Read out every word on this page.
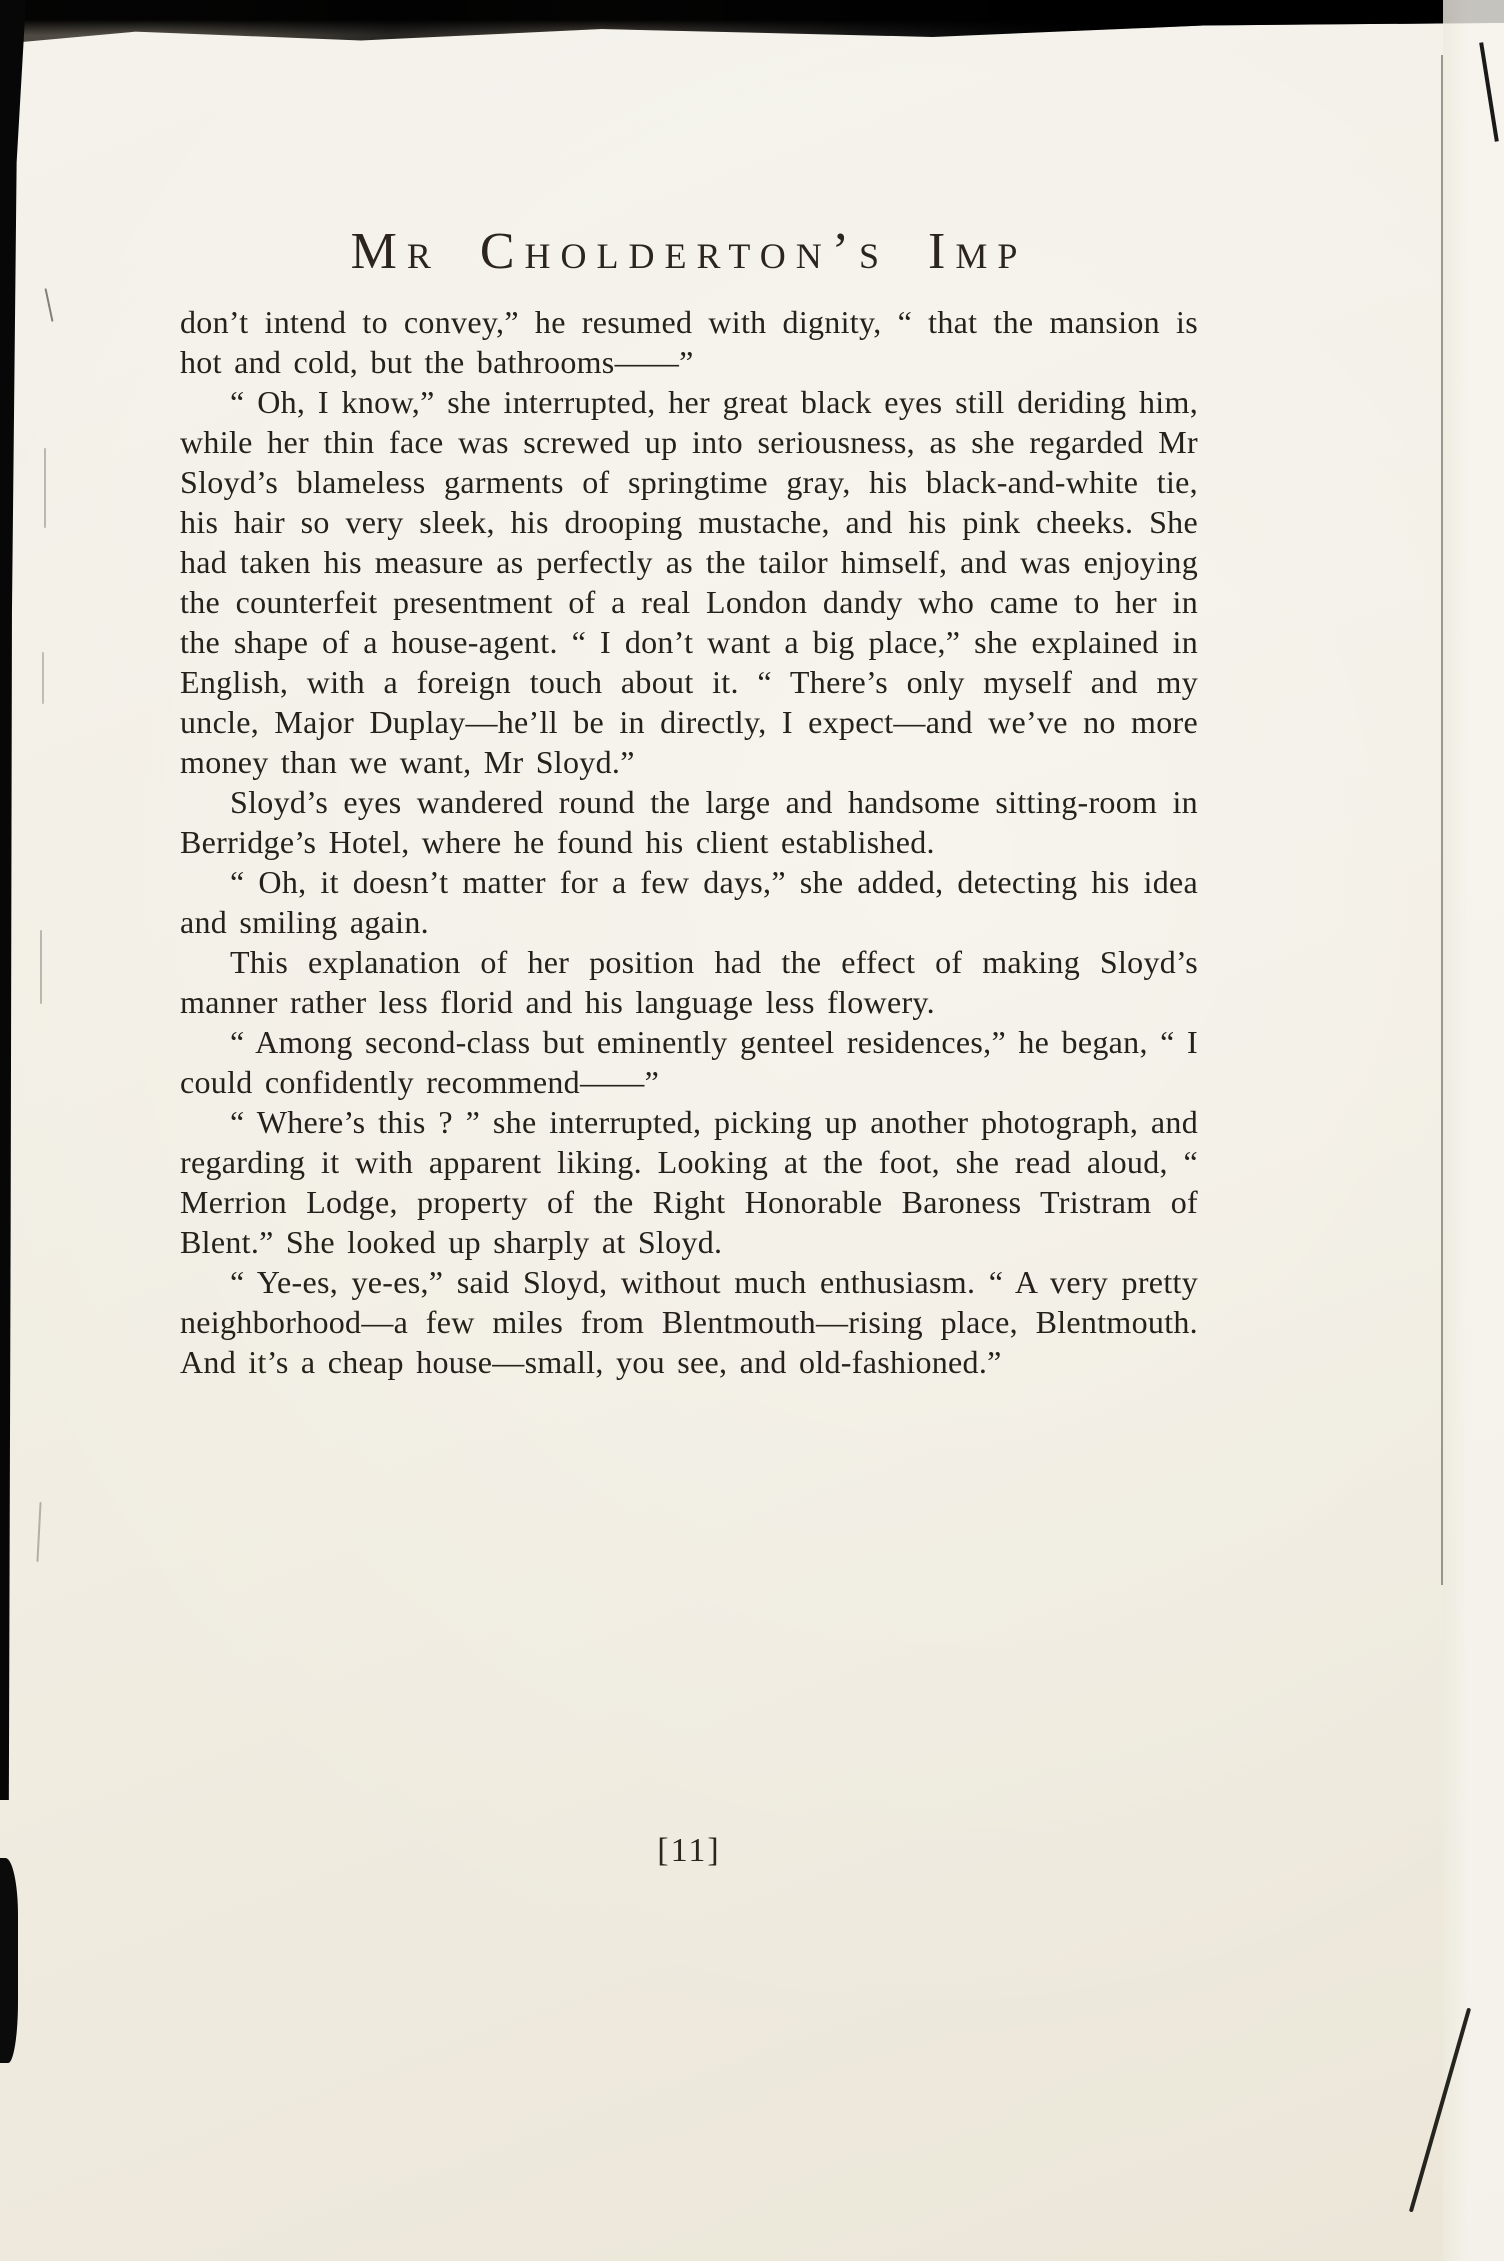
Mr Cholderton’s Imp

don’t intend to convey,” he resumed with dignity, “ that the mansion is hot and cold, but the bathrooms——”

“ Oh, I know,” she interrupted, her great black eyes still deriding him, while her thin face was screwed up into seriousness, as she regarded Mr Sloyd’s blameless garments of springtime gray, his black-and-white tie, his hair so very sleek, his drooping mustache, and his pink cheeks. She had taken his measure as perfectly as the tailor himself, and was enjoying the counterfeit presentment of a real London dandy who came to her in the shape of a house-agent. “ I don’t want a big place,” she explained in English, with a foreign touch about it. “ There’s only myself and my uncle, Major Duplay—he’ll be in directly, I expect—and we’ve no more money than we want, Mr Sloyd.”

Sloyd’s eyes wandered round the large and handsome sitting-room in Berridge’s Hotel, where he found his client established.

“ Oh, it doesn’t matter for a few days,” she added, detecting his idea and smiling again.

This explanation of her position had the effect of making Sloyd’s manner rather less florid and his language less flowery.

“ Among second-class but eminently genteel residences,” he began, “ I could confidently recommend——”

“ Where’s this ? ” she interrupted, picking up another photograph, and regarding it with apparent liking. Looking at the foot, she read aloud, “ Merrion Lodge, property of the Right Honorable Baroness Tristram of Blent.” She looked up sharply at Sloyd.

“ Ye-es, ye-es,” said Sloyd, without much enthusiasm. “ A very pretty neighborhood—a few miles from Blentmouth—rising place, Blentmouth. And it’s a cheap house—small, you see, and old-fashioned.”

[11]
